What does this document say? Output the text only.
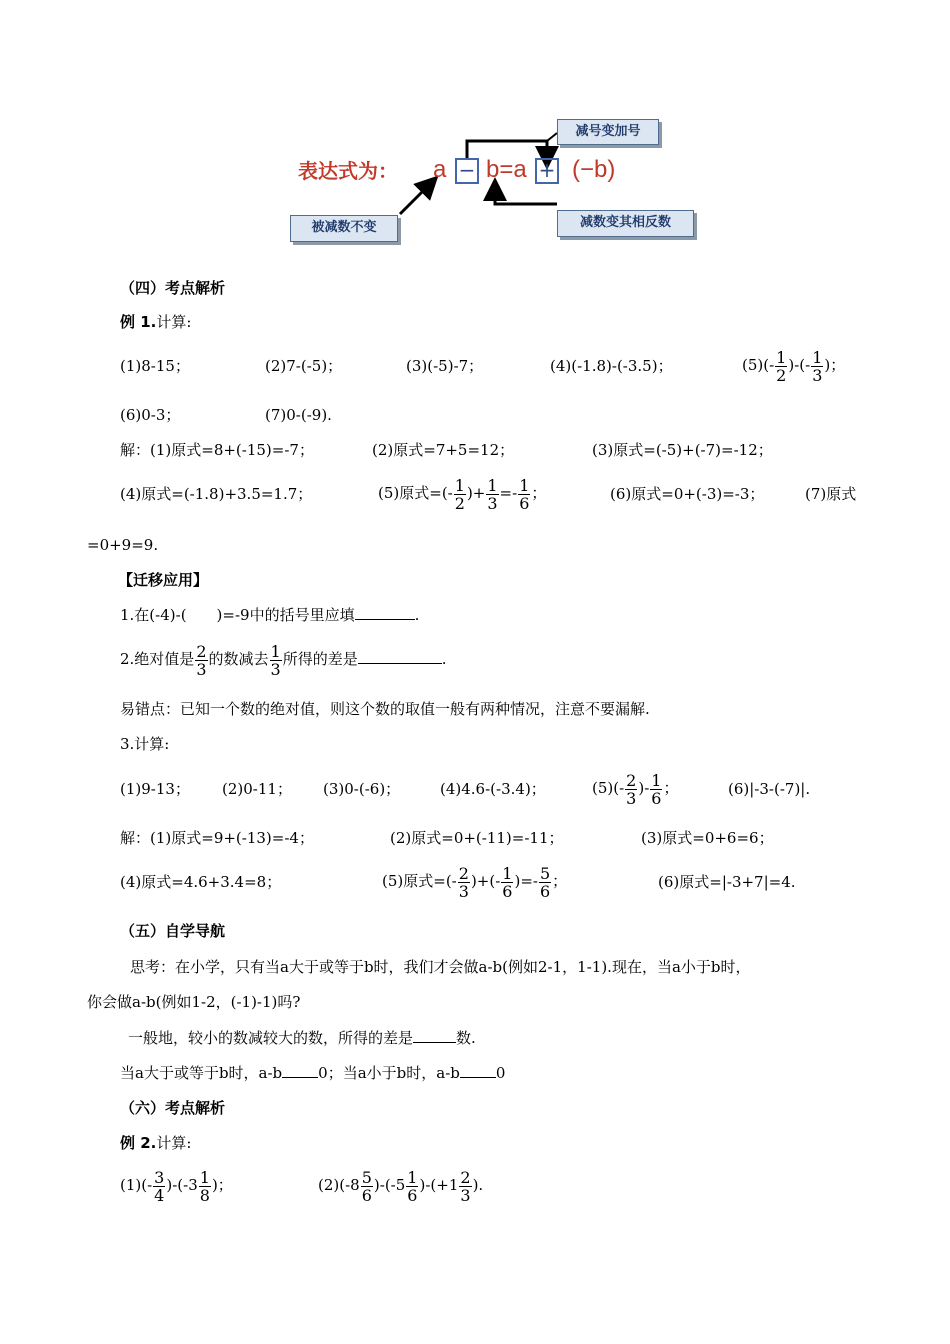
表达式为： a − b=a + (−b)
减号变加号
被减数不变	减数变其相反数
（四）考点解析
例 1.计算:
(1)8-15；	(2)7-(-5)；	(3)(-5)-7；	(4)(-1.8)-(-3.5)；	$(5)(- \frac{1}{2}$ )-(- $\frac{1}{3}$ )；
(6)0-3；	(7)0-(-9).
解：(1)原式=8+(-15)=-7；	(2)原式=7+5=12；	(3)原式=(-5)+(-7)=-12；
(4)原式=(-1.8)+3.5=1.7；	(5)原式=(- $\frac{1}{2}$ )+ $\frac{1}{3} =- \frac{1}{6}$ ；	(6)原式=0+(-3)=-3；	(7)原式
=0+9=9.
【迁移应用】
1.在(-4)-(　　)=-9中的括号里应填	.
2.绝对值是 $\frac{2}{3}$ 的数减去 $\frac{1}{3}$ 所得的差是	.
易错点：已知一个数的绝对值，则这个数的取值一般有两种情况，注意不要漏解.
3.计算:
(1)9-13； (2)0-11； (3)0-(-6)；	(4)4.6-(-3.4)；	$(5)(- \frac{2}{3}$ )- $\frac{1}{6}$ ；	(6)|-3-(-7)|.
解：(1)原式=9+(-13)=-4；	(2)原式=0+(-11)=-11；	(3)原式=0+6=6；
(4)原式=4.6+3.4=8；	(5)原式=(- $\frac{2}{3}$ )+(- $\frac{1}{6}$ )=- $\frac{5}{6}$ ；	(6)原式=|-3+7|=4.
（五）自学导航
思考：在小学，只有当a大于或等于b时，我们才会做a-b(例如2-1，1-1).现在，当a小于b时，
你会做a-b(例如1-2，(-1)-1)吗?
一般地，较小的数减较大的数，所得的差是	数.
当a大于或等于b时，a-b 0；当a小于b时，a-b 0
（六）考点解析
例 2.计算:
$(1)(- \frac{3}{4} )-(-3 \frac{1}{8}$ )；	$(2)(-8 \frac{5}{6} )-(-5 \frac{1}{6} )-(+1 \frac{2}{3}$ ).
